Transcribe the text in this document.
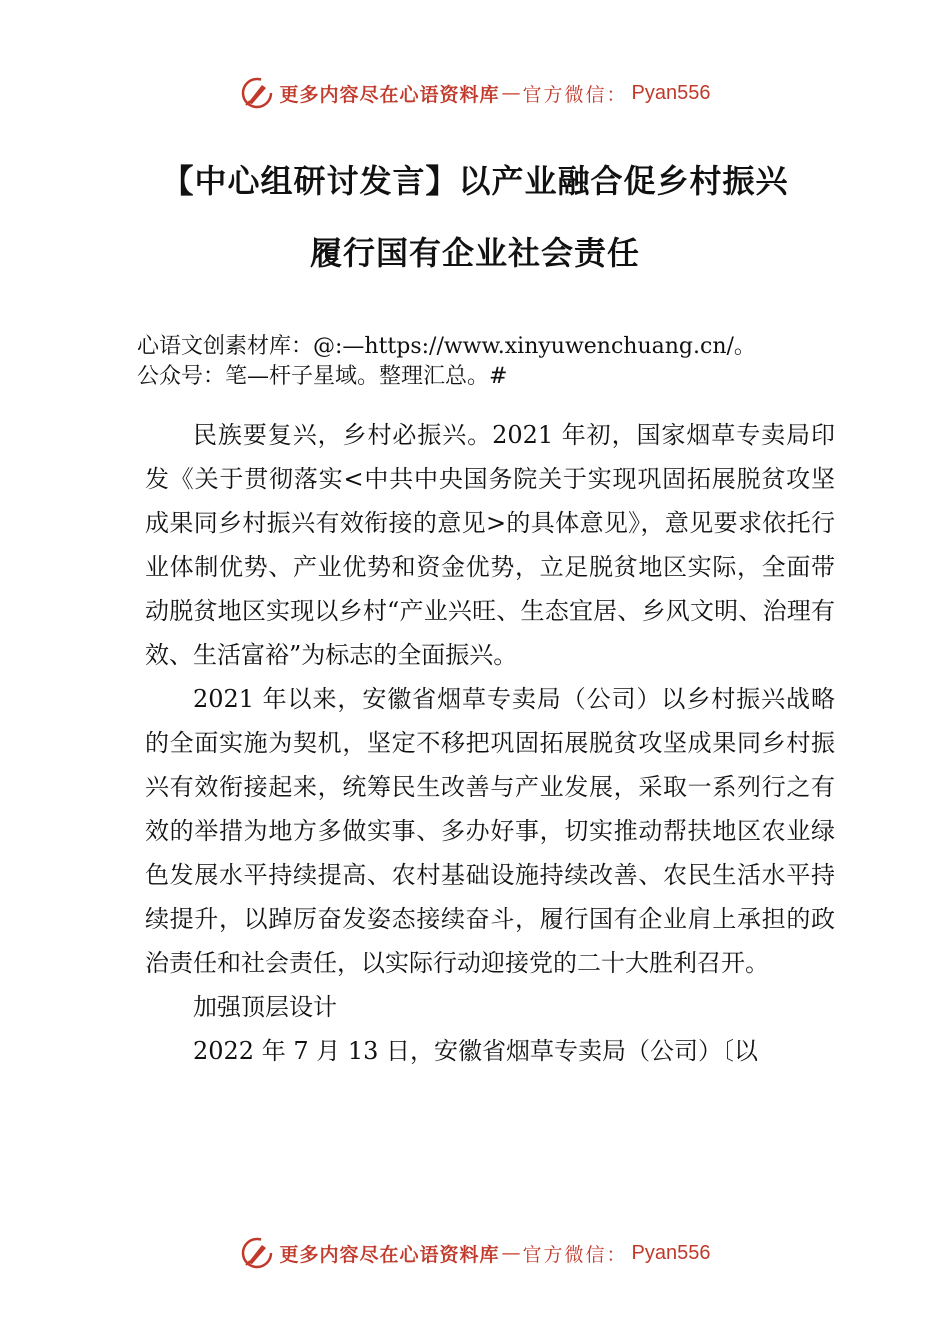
更多内容尽在心语资料库 — 官方微信： Pyan556
【中心组研讨发言】以产业融合促乡村振兴
履行国有企业社会责任
心语文创素材库：@:—https://www.xinyuwenchuang.cn/。
公众号：笔—杆子星域。整理汇总。#

民族要复兴，乡村必振兴。2021 年初，国家烟草专卖局印发《关于贯彻落实<中共中央国务院关于实现巩固拓展脱贫攻坚成果同乡村振兴有效衔接的意见>的具体意见》，意见要求依托行业体制优势、产业优势和资金优势，立足脱贫地区实际，全面带动脱贫地区实现以乡村“产业兴旺、生态宜居、乡风文明、治理有效、生活富裕”为标志的全面振兴。

2021 年以来，安徽省烟草专卖局（公司）以乡村振兴战略的全面实施为契机，坚定不移把巩固拓展脱贫攻坚成果同乡村振兴有效衔接起来，统筹民生改善与产业发展，采取一系列行之有效的举措为地方多做实事、多办好事，切实推动帮扶地区农业绿色发展水平持续提高、农村基础设施持续改善、农民生活水平持续提升，以踔厉奋发姿态接续奋斗，履行国有企业肩上承担的政治责任和社会责任，以实际行动迎接党的二十大胜利召开。

加强顶层设计

2022 年 7 月 13 日，安徽省烟草专卖局（公司）〔以

更多内容尽在心语资料库 — 官方微信： Pyan556
